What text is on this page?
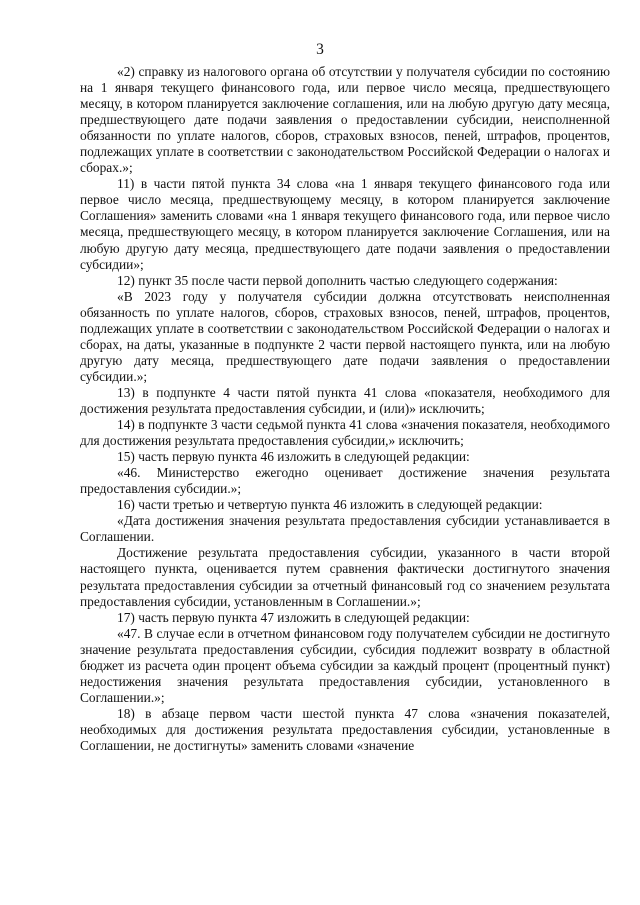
3

«2) справку из налогового органа об отсутствии у получателя субсидии по состоянию на 1 января текущего финансового года, или первое число месяца, предшествующего месяцу, в котором планируется заключение соглашения, или на любую другую дату месяца, предшествующего дате подачи заявления о предоставлении субсидии, неисполненной обязанности по уплате налогов, сборов, страховых взносов, пеней, штрафов, процентов, подлежащих уплате в соответствии с законодательством Российской Федерации о налогах и сборах.»;

11) в части пятой пункта 34 слова «на 1 января текущего финансового года или первое число месяца, предшествующему месяцу, в котором планируется заключение Соглашения» заменить словами «на 1 января текущего финансового года, или первое число месяца, предшествующего месяцу, в котором планируется заключение Соглашения, или на любую другую дату месяца, предшествующего дате подачи заявления о предоставлении субсидии»;

12) пункт 35 после части первой дополнить частью следующего содержания:

«В 2023 году у получателя субсидии должна отсутствовать неисполненная обязанность по уплате налогов, сборов, страховых взносов, пеней, штрафов, процентов, подлежащих уплате в соответствии с законодательством Российской Федерации о налогах и сборах, на даты, указанные в подпункте 2 части первой настоящего пункта, или на любую другую дату месяца, предшествующего дате подачи заявления о предоставлении субсидии.»;

13) в подпункте 4 части пятой пункта 41 слова «показателя, необходимого для достижения результата предоставления субсидии, и (или)» исключить;

14) в подпункте 3 части седьмой пункта 41 слова «значения показателя, необходимого для достижения результата предоставления субсидии,» исключить;

15) часть первую пункта 46 изложить в следующей редакции:

«46. Министерство ежегодно оценивает достижение значения результата предоставления субсидии.»;

16) части третью и четвертую пункта 46 изложить в следующей редакции:

«Дата достижения значения результата предоставления субсидии устанавливается в Соглашении.

Достижение результата предоставления субсидии, указанного в части второй настоящего пункта, оценивается путем сравнения фактически достигнутого значения результата предоставления субсидии за отчетный финансовый год со значением результата предоставления субсидии, установленным в Соглашении.»;

17) часть первую пункта 47 изложить в следующей редакции:

«47. В случае если в отчетном финансовом году получателем субсидии не достигнуто значение результата предоставления субсидии, субсидия подлежит возврату в областной бюджет из расчета один процент объема субсидии за каждый процент (процентный пункт) недостижения значения результата предоставления субсидии, установленного в Соглашении.»;

18) в абзаце первом части шестой пункта 47 слова «значения показателей, необходимых для достижения результата предоставления субсидии, установленные в Соглашении, не достигнуты» заменить словами «значение
